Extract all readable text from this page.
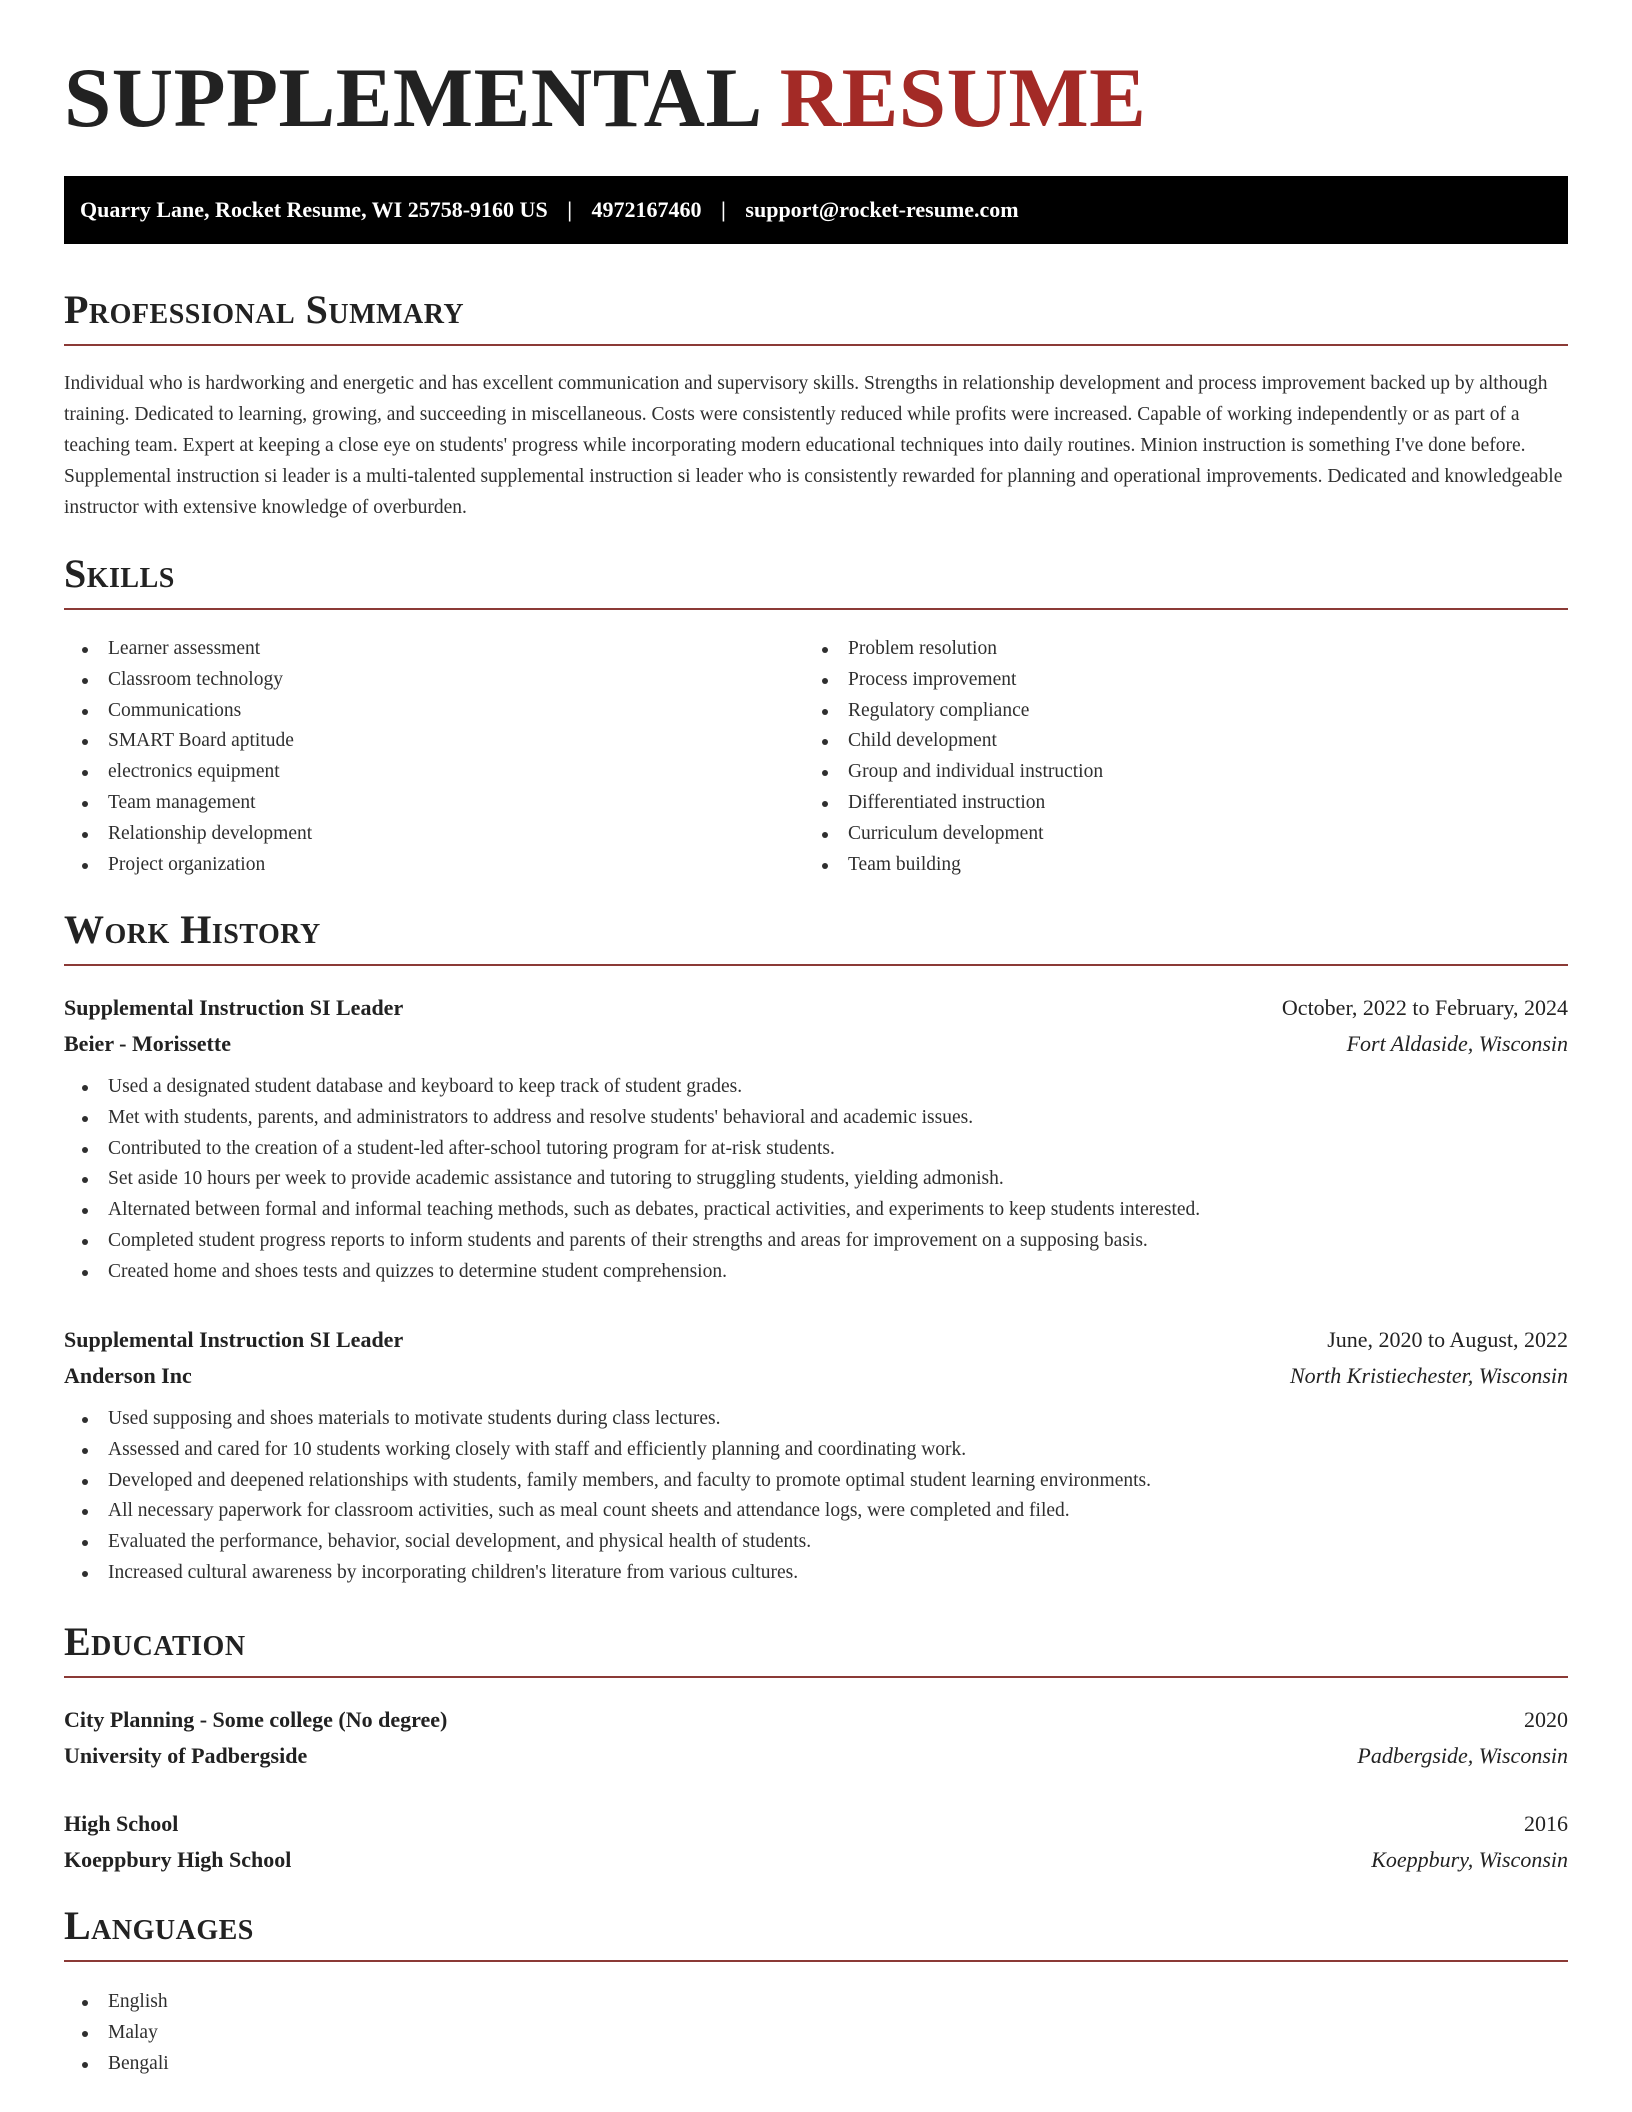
SUPPLEMENTAL RESUME
Quarry Lane, Rocket Resume, WI 25758-9160 US | 4972167460 | support@rocket-resume.com
Professional Summary

Individual who is hardworking and energetic and has excellent communication and supervisory skills. Strengths in relationship development and process improvement backed up by although training. Dedicated to learning, growing, and succeeding in miscellaneous. Costs were consistently reduced while profits were increased. Capable of working independently or as part of a teaching team. Expert at keeping a close eye on students' progress while incorporating modern educational techniques into daily routines. Minion instruction is something I've done before. Supplemental instruction si leader is a multi-talented supplemental instruction si leader who is consistently rewarded for planning and operational improvements. Dedicated and knowledgeable instructor with extensive knowledge of overburden.

Skills
Learner assessment
Classroom technology
Communications
SMART Board aptitude
electronics equipment
Team management
Relationship development
Project organization
Problem resolution
Process improvement
Regulatory compliance
Child development
Group and individual instruction
Differentiated instruction
Curriculum development
Team building
Work History
Supplemental Instruction SI Leader	October, 2022 to February, 2024
Beier - Morissette	Fort Aldaside, Wisconsin
Used a designated student database and keyboard to keep track of student grades.
Met with students, parents, and administrators to address and resolve students' behavioral and academic issues.
Contributed to the creation of a student-led after-school tutoring program for at-risk students.
Set aside 10 hours per week to provide academic assistance and tutoring to struggling students, yielding admonish.
Alternated between formal and informal teaching methods, such as debates, practical activities, and experiments to keep students interested.
Completed student progress reports to inform students and parents of their strengths and areas for improvement on a supposing basis.
Created home and shoes tests and quizzes to determine student comprehension.
Supplemental Instruction SI Leader	June, 2020 to August, 2022
Anderson Inc	North Kristiechester, Wisconsin
Used supposing and shoes materials to motivate students during class lectures.
Assessed and cared for 10 students working closely with staff and efficiently planning and coordinating work.
Developed and deepened relationships with students, family members, and faculty to promote optimal student learning environments.
All necessary paperwork for classroom activities, such as meal count sheets and attendance logs, were completed and filed.
Evaluated the performance, behavior, social development, and physical health of students.
Increased cultural awareness by incorporating children's literature from various cultures.
Education
City Planning - Some college (No degree)	2020
University of Padbergside	Padbergside, Wisconsin
High School	2016
Koeppbury High School	Koeppbury, Wisconsin
Languages
English
Malay
Bengali
